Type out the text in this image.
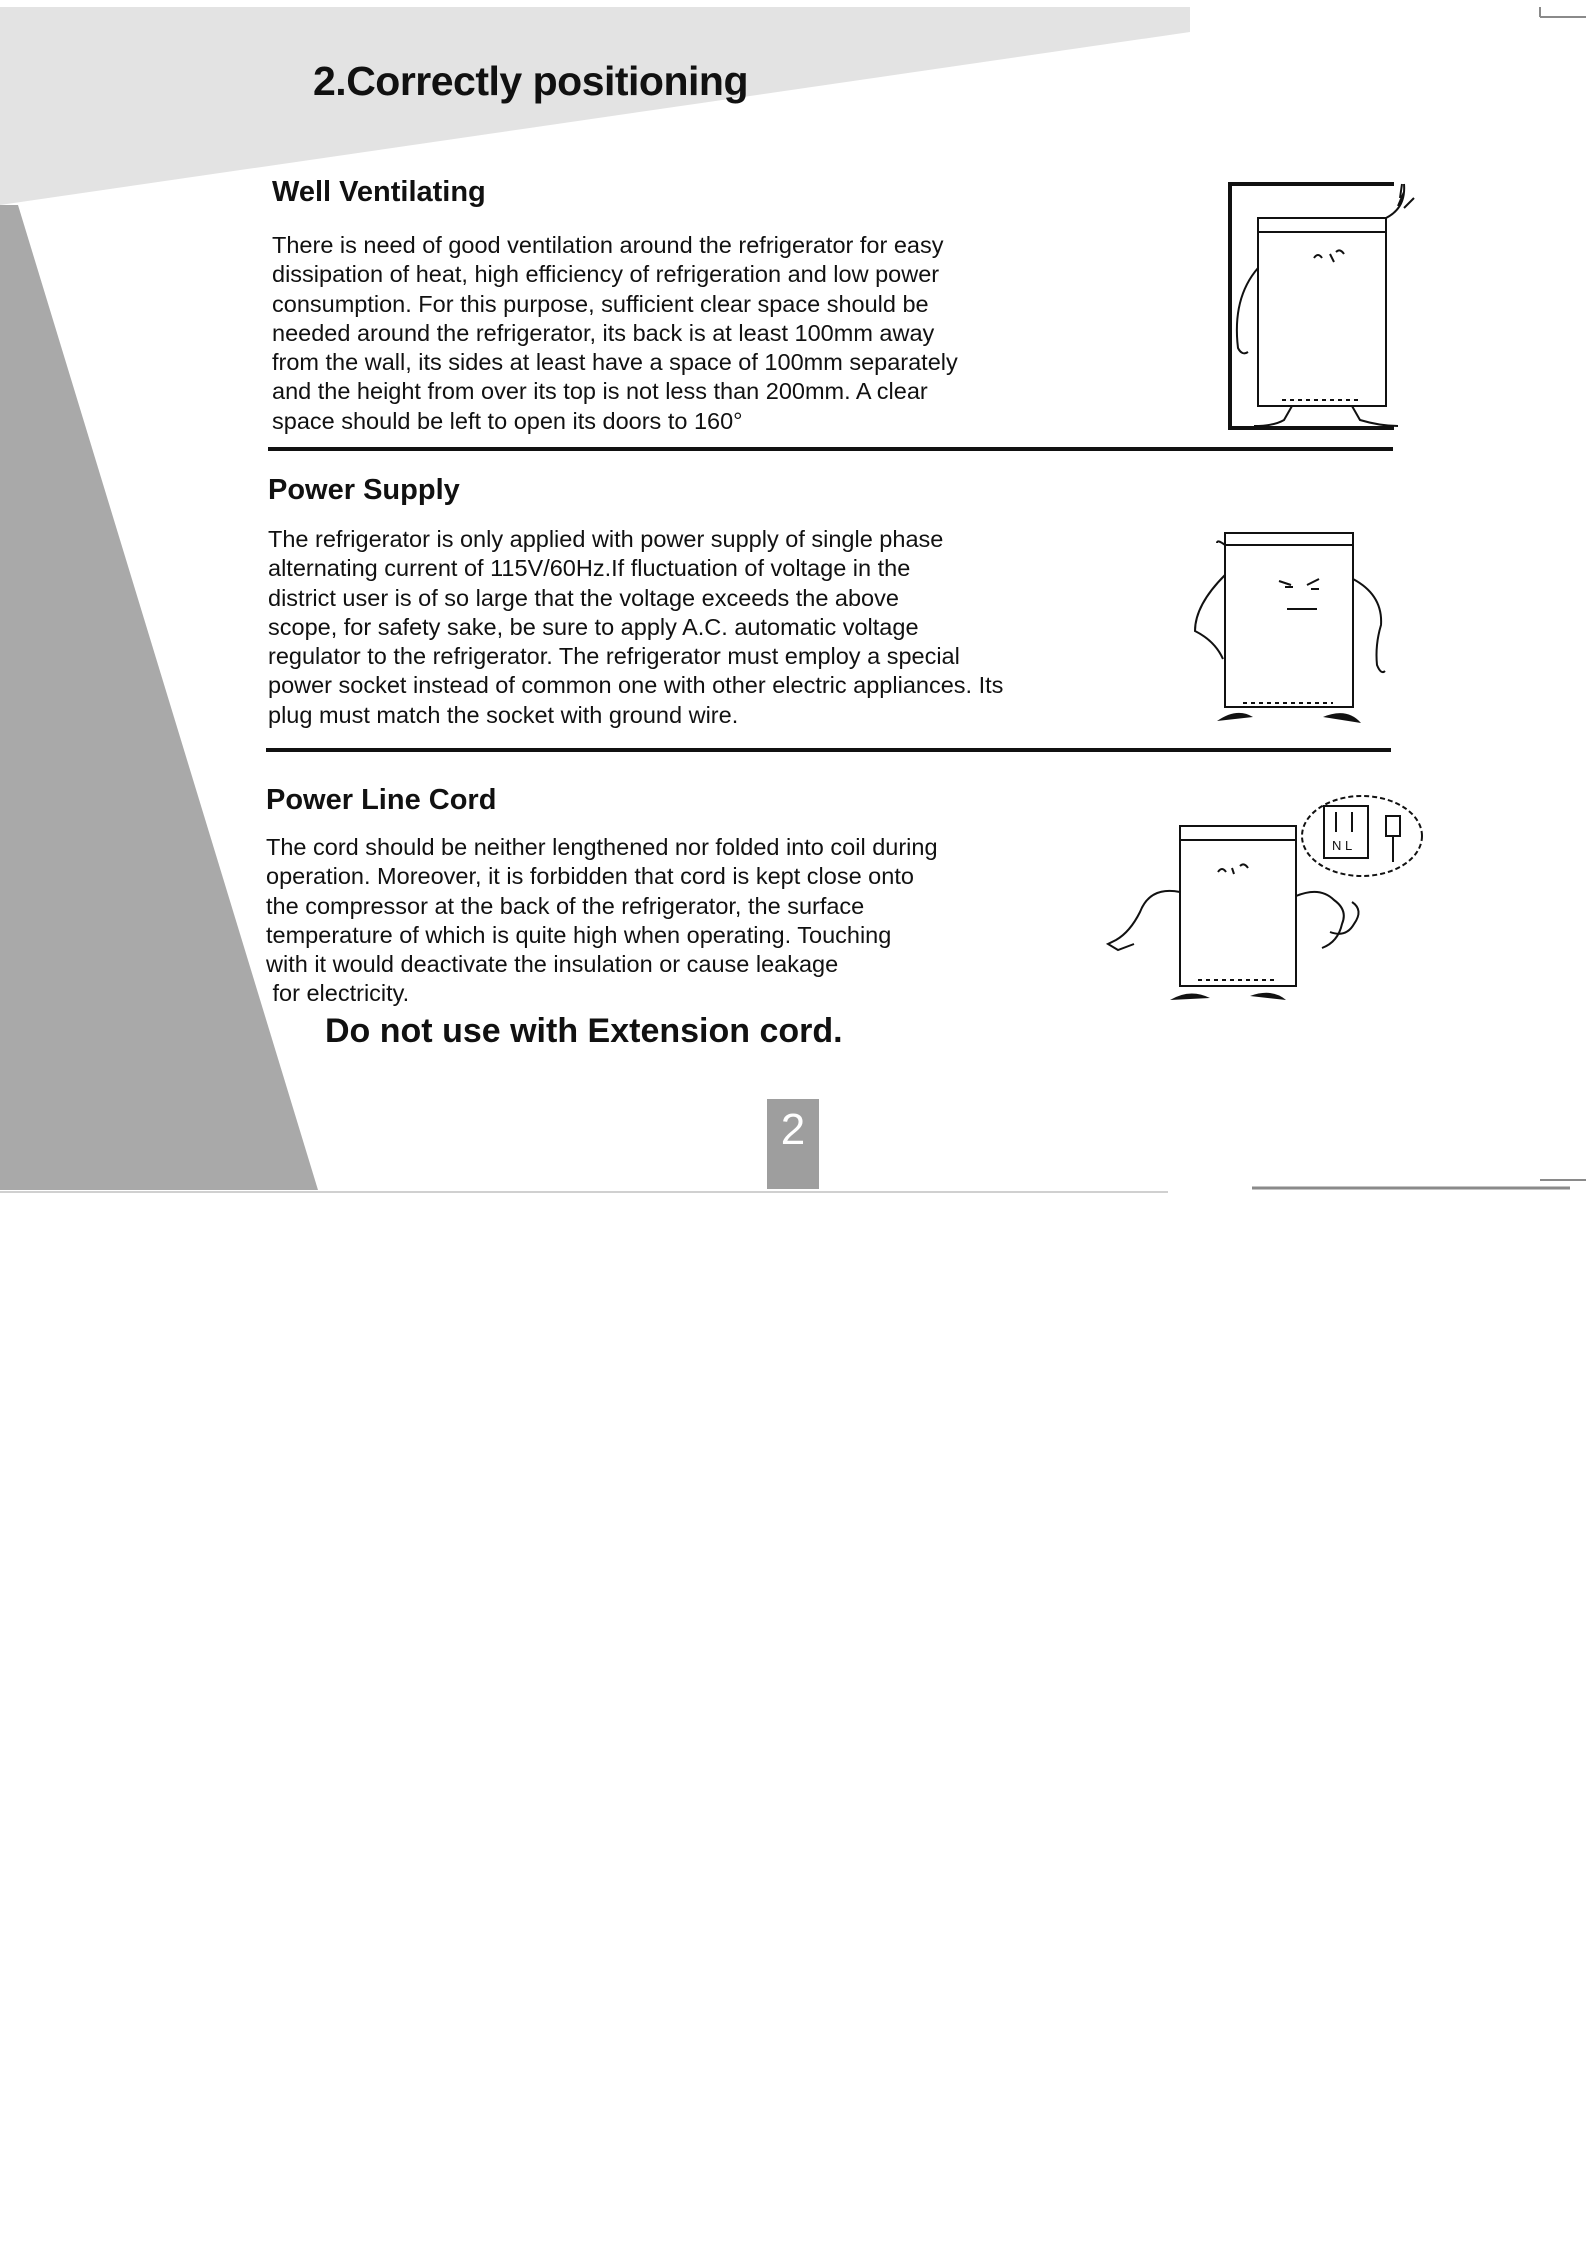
2.Correctly positioning
Well Ventilating
There is need of good ventilation around the refrigerator for easy
dissipation of heat, high efficiency of refrigeration and low power
consumption. For this purpose, sufficient clear space should be
needed around the refrigerator, its back is at least 100mm away
from the wall, its sides at least have a space of 100mm separately
and the height from over its top is not less than 200mm. A clear
space should be left to open its doors to 160°
Power Supply
The refrigerator is only applied with power supply of single phase
alternating current of 115V/60Hz.If fluctuation of voltage in the
district user is of so large that the voltage exceeds the above
scope, for safety sake, be sure to apply A.C. automatic voltage
regulator to the refrigerator. The refrigerator must employ a special
power socket instead of common one with other electric appliances. Its
plug must match the socket with ground wire.
Power Line Cord
The cord should be neither lengthened nor folded into coil during
operation. Moreover, it is forbidden that cord is kept close onto
the compressor at the back of the refrigerator, the surface
temperature of which is quite high when operating. Touching
with it would deactivate the insulation or cause leakage
for electricity.
Do not use with Extension cord.
N L
2
